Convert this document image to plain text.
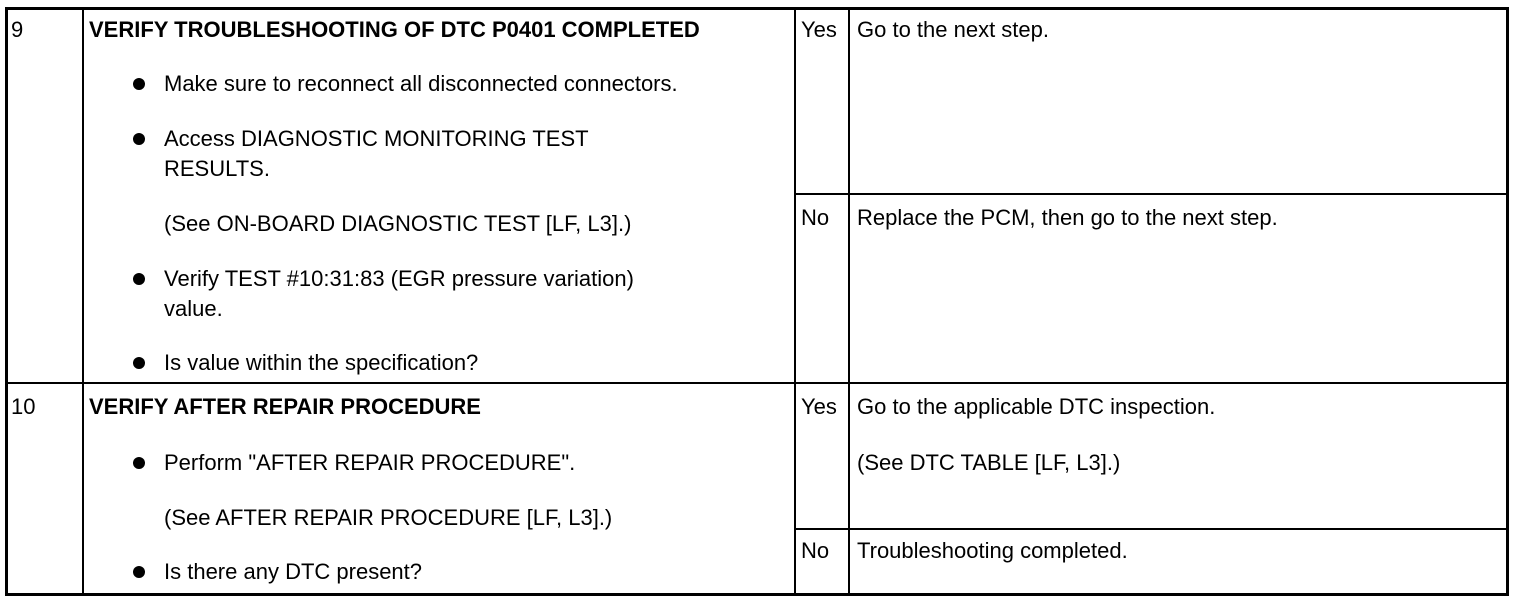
9	VERIFY TROUBLESHOOTING OF DTC P0401 COMPLETED
Make sure to reconnect all disconnected connectors.
Access DIAGNOSTIC MONITORING TEST
RESULTS.
(See ON-BOARD DIAGNOSTIC TEST [LF, L3].)
Verify TEST #10:31:83 (EGR pressure variation)
value.
Is value within the specification?
Yes Go to the next step.
No Replace the PCM, then go to the next step.
10 VERIFY AFTER REPAIR PROCEDURE
Perform "AFTER REPAIR PROCEDURE".
(See AFTER REPAIR PROCEDURE [LF, L3].)
Is there any DTC present?
Yes Go to the applicable DTC inspection.
(See DTC TABLE [LF, L3].)
No Troubleshooting completed.
